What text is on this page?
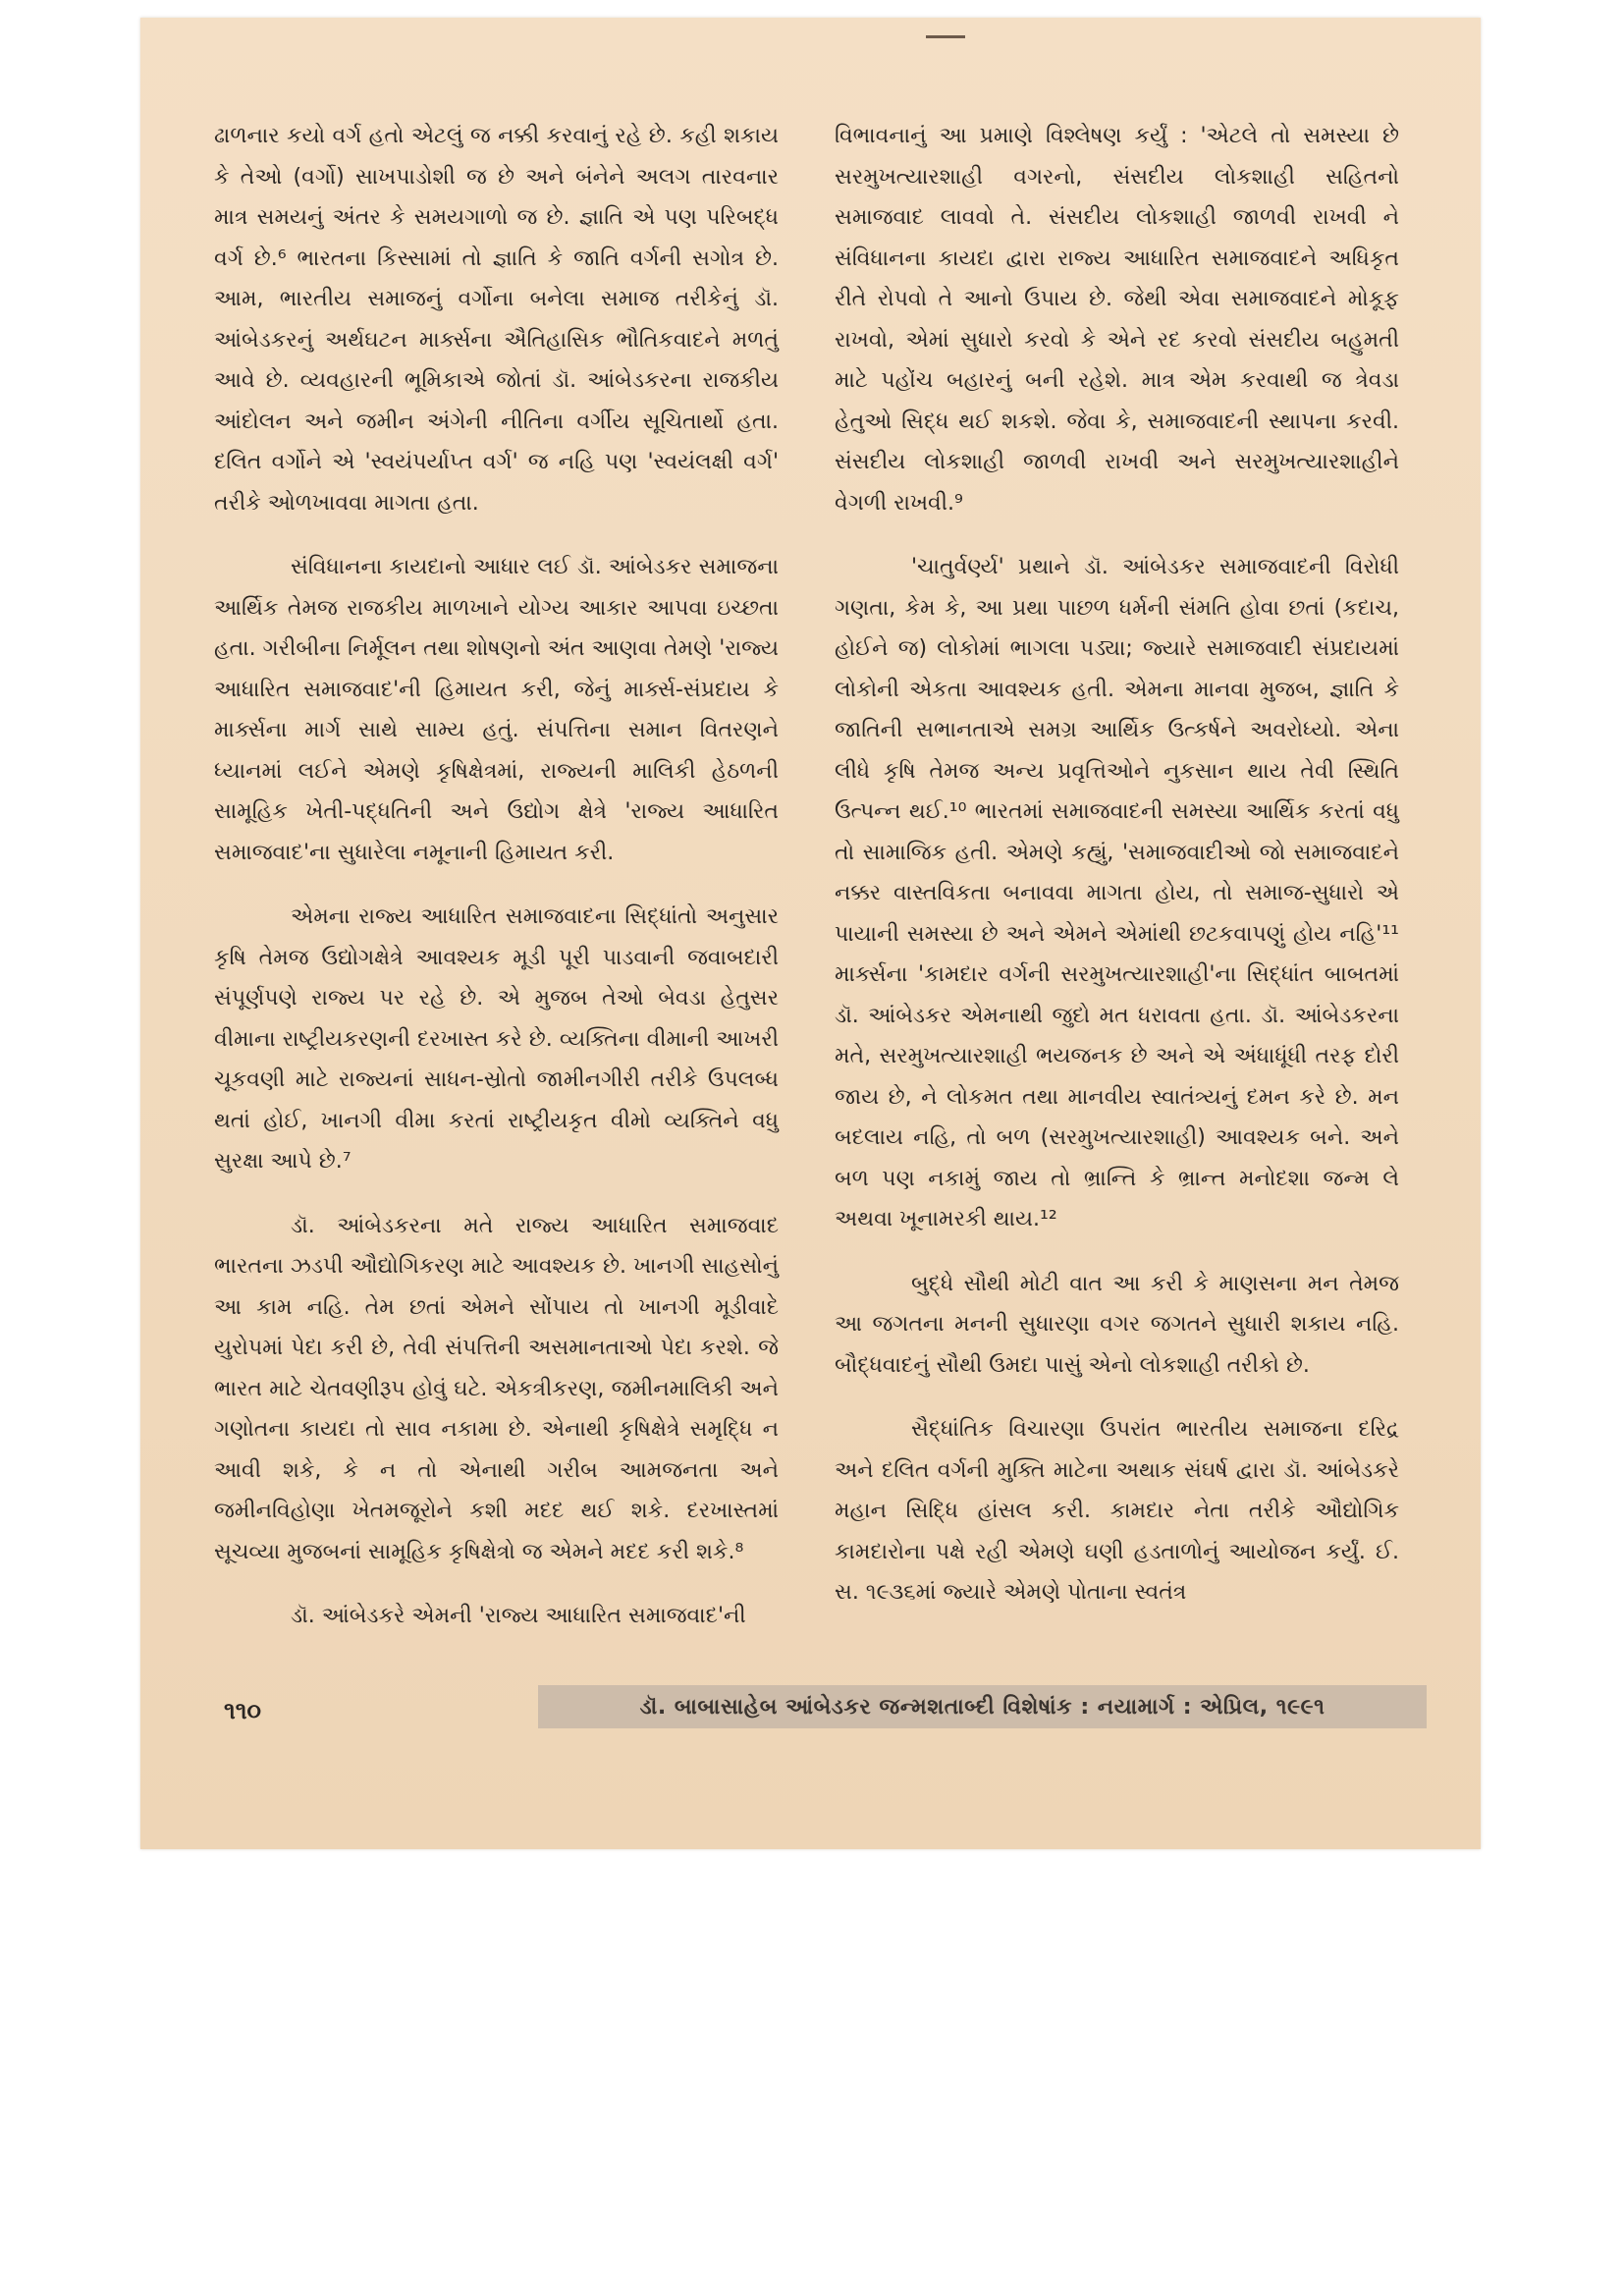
ઢાળનાર કયો વર્ગ હતો એટલું જ નક્કી કરવાનું રહે છે. કહી શકાય કે તેઓ (વર્ગો) સાખપાડોશી જ છે અને બંનેને અલગ તારવનાર માત્ર સમયનું અંતર કે સમયગાળો જ છે. જ્ઞાતિ એ પણ પરિબદ્ધ વર્ગ છે.⁶ ભારતના કિસ્સામાં તો જ્ઞાતિ કે જાતિ વર્ગની સગોત્ર છે. આમ, ભારતીય સમાજનું વર્ગોના બનેલા સમાજ તરીકેનું ડૉ. આંબેડકરનું અર્થઘટન માર્ક્સના ઐતિહાસિક ભૌતિકવાદને મળતું આવે છે. વ્યવહારની ભૂમિકાએ જોતાં ડૉ. આંબેડકરના રાજકીય આંદોલન અને જમીન અંગેની નીતિના વર્ગીય સૂચિતાર્થો હતા. દલિત વર્ગોને એ 'સ્વયંપર્યાપ્ત વર્ગ' જ નહિ પણ 'સ્વયંલક્ષી વર્ગ' તરીકે ઓળખાવવા માગતા હતા.

સંવિધાનના કાયદાનો આધાર લઈ ડૉ. આંબેડકર સમાજના આર્થિક તેમજ રાજકીય માળખાને યોગ્ય આકાર આપવા ઇચ્છતા હતા. ગરીબીના નિર્મૂલન તથા શોષણનો અંત આણવા તેમણે 'રાજ્ય આધારિત સમાજવાદ'ની હિમાયત કરી, જેનું માર્ક્સ-સંપ્રદાય કે માર્ક્સના માર્ગ સાથે સામ્ય હતું. સંપત્તિના સમાન વિતરણને ધ્યાનમાં લઈને એમણે કૃષિક્ષેત્રમાં, રાજ્યની માલિકી હેઠળની સામૂહિક ખેતી-પદ્ધતિની અને ઉદ્યોગ ક્ષેત્રે 'રાજ્ય આધારિત સમાજવાદ'ના સુધારેલા નમૂનાની હિમાયત કરી.

એમના રાજ્ય આધારિત સમાજવાદના સિદ્ધાંતો અનુસાર કૃષિ તેમજ ઉદ્યોગક્ષેત્રે આવશ્યક મૂડી પૂરી પાડવાની જવાબદારી સંપૂર્ણપણે રાજ્ય પર રહે છે. એ મુજબ તેઓ બેવડા હેતુસર વીમાના રાષ્ટ્રીયકરણની દરખાસ્ત કરે છે. વ્યક્તિના વીમાની આખરી ચૂકવણી માટે રાજ્યનાં સાધન-સ્રોતો જામીનગીરી તરીકે ઉપલબ્ધ થતાં હોઈ, ખાનગી વીમા કરતાં રાષ્ટ્રીયકૃત વીમો વ્યક્તિને વધુ સુરક્ષા આપે છે.⁷

ડૉ. આંબેડકરના મતે રાજ્ય આધારિત સમાજવાદ ભારતના ઝડપી ઔદ્યોગિકરણ માટે આવશ્યક છે. ખાનગી સાહસોનું આ કામ નહિ. તેમ છતાં એમને સોંપાય તો ખાનગી મૂડીવાદે યુરોપમાં પેદા કરી છે, તેવી સંપત્તિની અસમાનતાઓ પેદા કરશે. જે ભારત માટે ચેતવણીરૂપ હોવું ઘટે. એકત્રીકરણ, જમીનમાલિકી અને ગણોતના કાયદા તો સાવ નકામા છે. એનાથી કૃષિક્ષેત્રે સમૃદ્ધિ ન આવી શકે, કે ન તો એનાથી ગરીબ આમજનતા અને જમીનવિહોણા ખેતમજૂરોને કશી મદદ થઈ શકે. દરખાસ્તમાં સૂચવ્યા મુજબનાં સામૂહિક કૃષિક્ષેત્રો જ એમને મદદ કરી શકે.⁸

ડૉ. આંબેડકરે એમની 'રાજ્ય આધારિત સમાજવાદ'ની

વિભાવનાનું આ પ્રમાણે વિશ્લેષણ કર્યું : 'એટલે તો સમસ્યા છે સરમુખત્યારશાહી વગરનો, સંસદીય લોકશાહી સહિતનો સમાજવાદ લાવવો તે. સંસદીય લોકશાહી જાળવી રાખવી ને સંવિધાનના કાયદા દ્વારા રાજ્ય આધારિત સમાજવાદને અધિકૃત રીતે રોપવો તે આનો ઉપાય છે. જેથી એવા સમાજવાદને મોકૂફ રાખવો, એમાં સુધારો કરવો કે એને રદ કરવો સંસદીય બહુમતી માટે પહોંચ બહારનું બની રહેશે. માત્ર એમ કરવાથી જ ત્રેવડા હેતુઓ સિદ્ધ થઈ શકશે. જેવા કે, સમાજવાદની સ્થાપના કરવી. સંસદીય લોકશાહી જાળવી રાખવી અને સરમુખત્યારશાહીને વેગળી રાખવી.⁹

'ચાતુર્વર્ણ્ય' પ્રથાને ડૉ. આંબેડકર સમાજવાદની વિરોધી ગણતા, કેમ કે, આ પ્રથા પાછળ ધર્મની સંમતિ હોવા છતાં (કદાચ, હોઈને જ) લોકોમાં ભાગલા પડ્યા; જ્યારે સમાજવાદી સંપ્રદાયમાં લોકોની એકતા આવશ્યક હતી. એમના માનવા મુજબ, જ્ઞાતિ કે જાતિની સભાનતાએ સમગ્ર આર્થિક ઉત્કર્ષને અવરોધ્યો. એના લીધે કૃષિ તેમજ અન્ય પ્રવૃત્તિઓને નુકસાન થાય તેવી સ્થિતિ ઉત્પન્ન થઈ.¹⁰ ભારતમાં સમાજવાદની સમસ્યા આર્થિક કરતાં વધુ તો સામાજિક હતી. એમણે કહ્યું, 'સમાજવાદીઓ જો સમાજવાદને નક્કર વાસ્તવિકતા બનાવવા માગતા હોય, તો સમાજ-સુધારો એ પાયાની સમસ્યા છે અને એમને એમાંથી છટકવાપણું હોય નહિ'¹¹ માર્ક્સના 'કામદાર વર્ગની સરમુખત્યારશાહી'ના સિદ્ધાંત બાબતમાં ડૉ. આંબેડકર એમનાથી જુદો મત ધરાવતા હતા. ડૉ. આંબેડકરના મતે, સરમુખત્યારશાહી ભયજનક છે અને એ અંધાધૂંધી તરફ દોરી જાય છે, ને લોકમત તથા માનવીય સ્વાતંત્ર્યનું દમન કરે છે. મન બદલાય નહિ, તો બળ (સરમુખત્યારશાહી) આવશ્યક બને. અને બળ પણ નકામું જાય તો ભ્રાન્તિ કે ભ્રાન્ત મનોદશા જન્મ લે અથવા ખૂનામરકી થાય.¹²

બુદ્ધે સૌથી મોટી વાત આ કરી કે માણસના મન તેમજ આ જગતના મનની સુધારણા વગર જગતને સુધારી શકાય નહિ. બૌદ્ધવાદનું સૌથી ઉમદા પાસું એનો લોકશાહી તરીકો છે.

સૈદ્ધાંતિક વિચારણા ઉપરાંત ભારતીય સમાજના દરિદ્ર અને દલિત વર્ગની મુક્તિ માટેના અથાક સંઘર્ષ દ્વારા ડૉ. આંબેડકરે મહાન સિદ્ધિ હાંસલ કરી. કામદાર નેતા તરીકે ઔદ્યોગિક કામદારોના પક્ષે રહી એમણે ઘણી હડતાળોનું આયોજન કર્યું. ઈ. સ. ૧૯૩૬માં જ્યારે એમણે પોતાના સ્વતંત્ર

૧૧૦	ડૉ. બાબાસાહેબ આંબેડકર જન્મશતાબ્દી વિશેષાંક : નયામાર્ગ : એપ્રિલ, ૧૯૯૧
